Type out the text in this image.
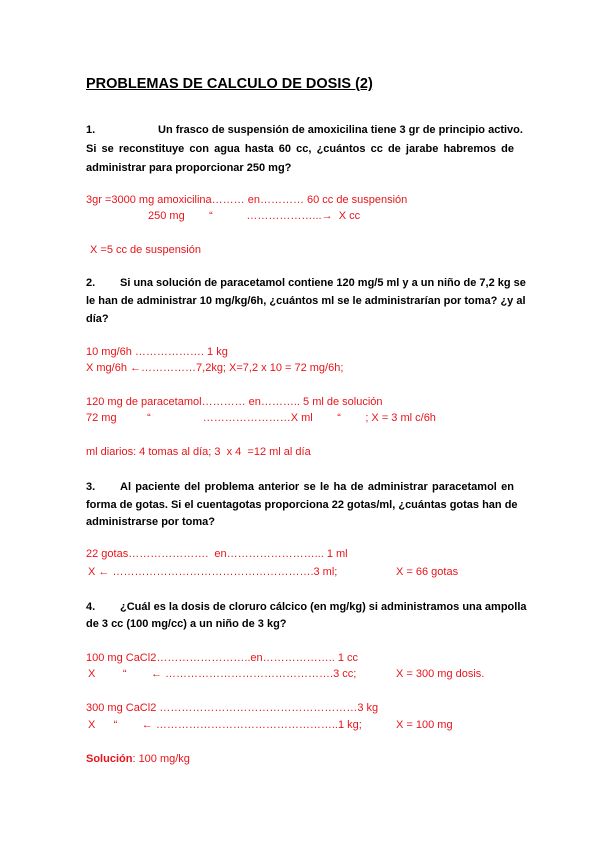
PROBLEMAS DE CALCULO DE DOSIS (2)
1.	Un frasco de suspensión de amoxicilina tiene 3 gr de principio activo.
Si se reconstituye con agua hasta 60 cc, ¿cuántos cc de jarabe habremos de
administrar para proporcionar 250 mg?
3gr =3000 mg amoxicilina……… en………… 60 cc de suspensión
250 mg        “           ………………...→  X cc
X =5 cc de suspensión
2. Si una solución de paracetamol contiene 120 mg/5 ml y a un niño de 7,2 kg se
le han de administrar 10 mg/kg/6h, ¿cuántos ml se le administrarían por toma? ¿y al
día?
10 mg/6h ………………. 1 kg
X mg/6h ←……………7,2kg; X=7,2 x 10 = 72 mg/6h;
120 mg de paracetamol………… en……….. 5 ml de solución
72 mg          “                 ……………………X ml        “        ; X = 3 ml c/6h
ml diarios: 4 tomas al día; 3  x 4  =12 ml al día
3. Al paciente del problema anterior se le ha de administrar paracetamol en
forma de gotas. Si el cuentagotas proporciona 22 gotas/ml, ¿cuántas gotas han de
administrarse por toma?
22 gotas………………….  en……………………... 1 ml
X ← ……………………………………………….3 ml;	X = 66 gotas
4. ¿Cuál es la dosis de cloruro cálcico (en mg/kg) si administramos una ampolla
de 3 cc (100 mg/cc) a un niño de 3 kg?
100 mg CaCl2……………………..en……………….. 1 cc
X         “        ← ……………………………………….3 cc;	X = 300 mg dosis.
300 mg CaCl2 ………………………………………………3 kg
X      “        ← …………………………………………..1 kg;	X = 100 mg
Solución: 100 mg/kg
